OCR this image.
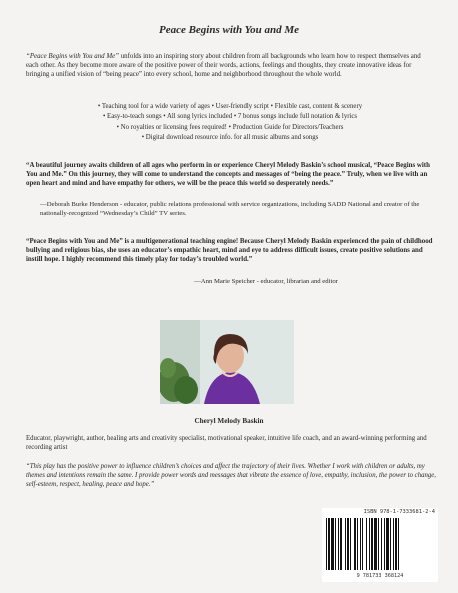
Peace Begins with You and Me
“Peace Begins with You and Me” unfolds into an inspiring story about children from all backgrounds who learn how to respect themselves and each other. As they become more aware of the positive power of their words, actions, feelings and thoughts, they create innovative ideas for bringing a unified vision of “being peace” into every school, home and neighborhood throughout the whole world.
• Teaching tool for a wide variety of ages • User-friendly script • Flexible cast, content & scenery
• Easy-to-teach songs • All song lyrics included • 7 bonus songs include full notation & lyrics
• No royalties or licensing fees required! • Production Guide for Directors/Teachers
• Digital download resource info. for all music albums and songs
“A beautiful journey awaits children of all ages who perform in or experience Cheryl Melody Baskin’s school musical, “Peace Begins with You and Me.” On this journey, they will come to understand the concepts and messages of “being the peace.” Truly, when we live with an open heart and mind and have empathy for others, we will be the peace this world so desperately needs.”
—Deborah Burke Henderson - educator, public relations professional with service organizations, including SADD National and creator of the nationally-recognized “Wednesday’s Child” TV series.
“Peace Begins with You and Me” is a multigenerational teaching engine! Because Cheryl Melody Baskin experienced the pain of childhood bullying and religious bias, she uses an educator’s empathic heart, mind and eye to address difficult issues, create positive solutions and instill hope. I highly recommend this timely play for today’s troubled world.”
—Ann Marie Speicher - educator, librarian and editor
Cheryl Melody Baskin
Educator, playwright, author, healing arts and creativity specialist, motivational speaker, intuitive life coach, and an award-winning performing and recording artist
“This play has the positive power to influence children’s choices and affect the trajectory of their lives. Whether I work with children or adults, my themes and intentions remain the same. I provide power words and messages that vibrate the essence of love, empathy, inclusion, the power to change, self-esteem, respect, healing, peace and hope.”
ISBN 978-1-7333681-2-4
9 781733 368124
